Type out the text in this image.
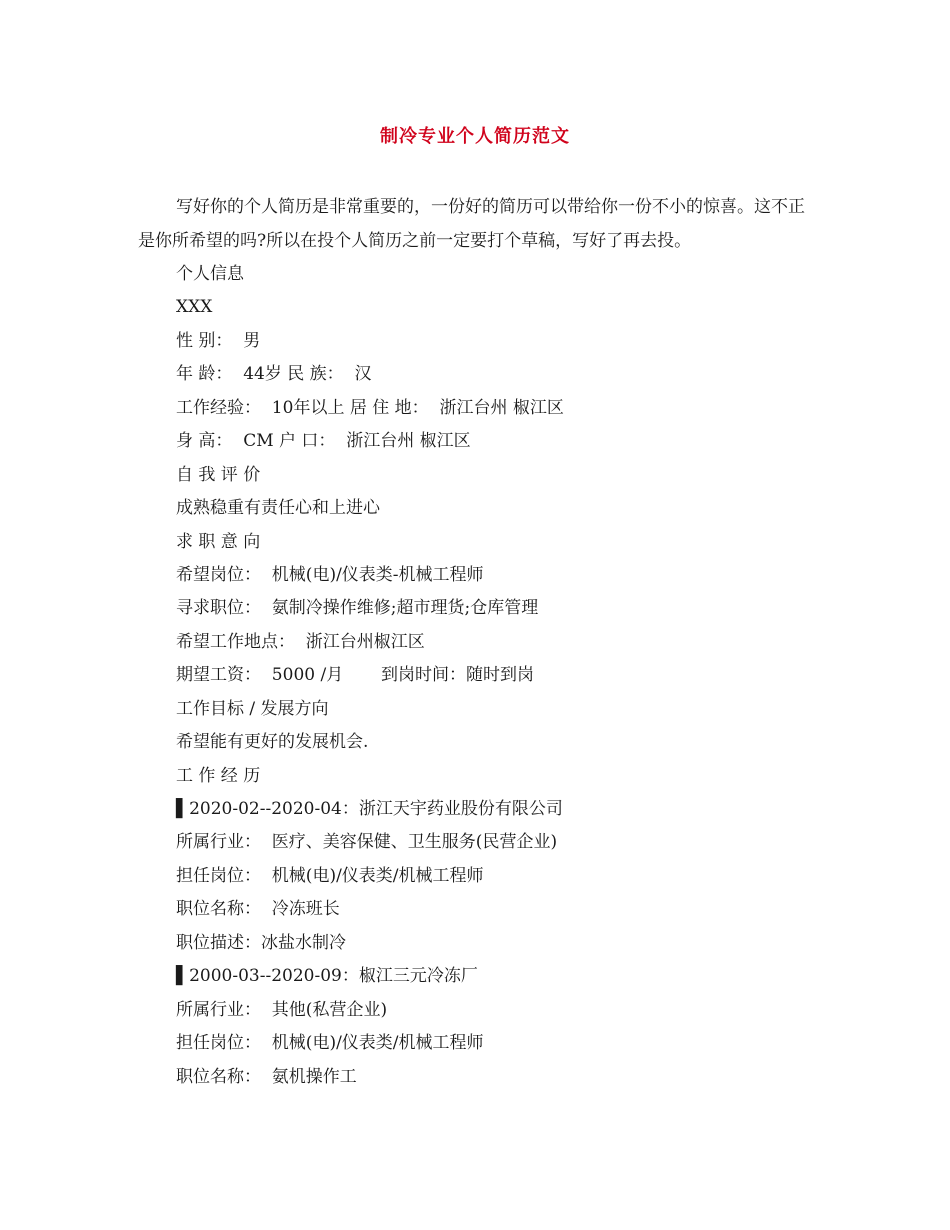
制冷专业个人简历范文
写好你的个人简历是非常重要的，一份好的简历可以带给你一份不小的惊喜。这不正是你所希望的吗?所以在投个人简历之前一定要打个草稿，写好了再去投。
个人信息
XXX
性 别：  男
年 龄：  44岁 民 族：  汉
工作经验：  10年以上 居 住 地：  浙江台州 椒江区
身 高：  CM 户 口：  浙江台州 椒江区
自 我 评 价
成熟稳重有责任心和上进心
求 职 意 向
希望岗位：  机械(电)/仪表类-机械工程师
寻求职位：  氨制冷操作维修;超市理货;仓库管理
希望工作地点：  浙江台州椒江区
期望工资：  5000 /月       到岗时间：随时到岗
工作目标 / 发展方向
希望能有更好的发展机会.
工 作 经 历
▌2020-02--2020-04：浙江天宇药业股份有限公司
所属行业：  医疗、美容保健、卫生服务(民营企业)
担任岗位：  机械(电)/仪表类/机械工程师
职位名称：  冷冻班长
职位描述：冰盐水制冷
▌2000-03--2020-09：椒江三元冷冻厂
所属行业：  其他(私营企业)
担任岗位：  机械(电)/仪表类/机械工程师
职位名称：  氨机操作工
